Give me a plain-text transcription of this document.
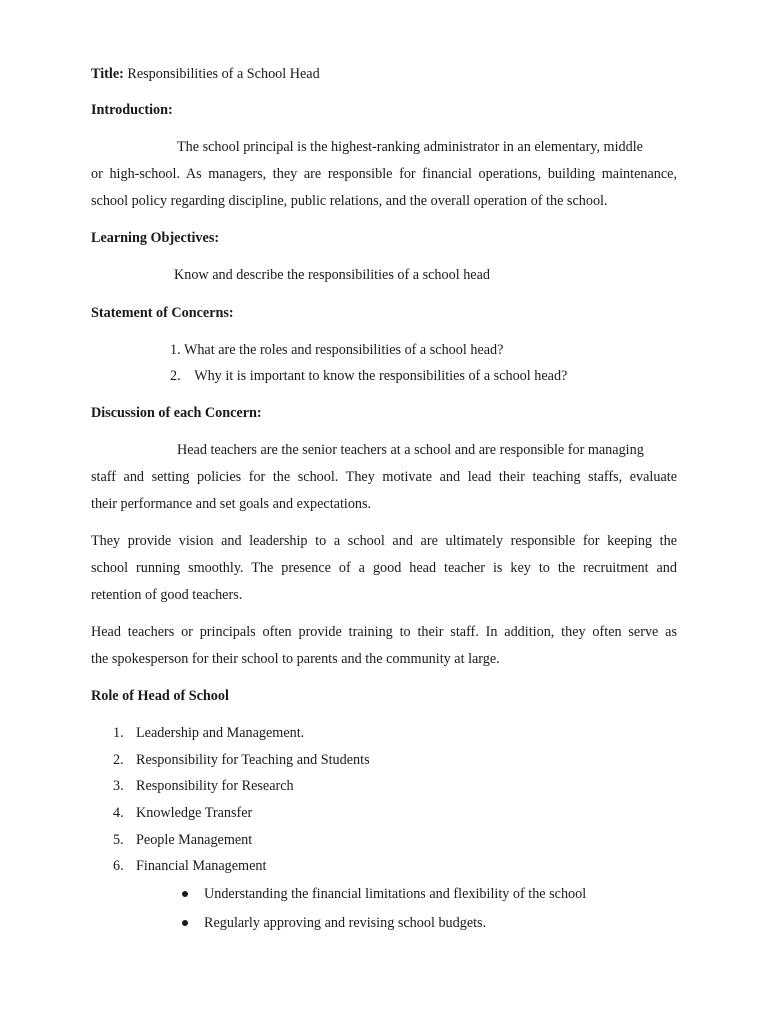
Title: Responsibilities of a School Head
Introduction:
The school principal is the highest-ranking administrator in an elementary, middle
or high-school. As managers, they are responsible for financial operations, building maintenance,
school policy regarding discipline, public relations, and the overall operation of the school.
Learning Objectives:
Know and describe the responsibilities of a school head
Statement of Concerns:
1. What are the roles and responsibilities of a school head?
2. Why it is important to know the responsibilities of a school head?
Discussion of each Concern:
Head teachers are the senior teachers at a school and are responsible for managing
staff and setting policies for the school. They motivate and lead their teaching staffs, evaluate
their performance and set goals and expectations.
They provide vision and leadership to a school and are ultimately responsible for keeping the
school running smoothly. The presence of a good head teacher is key to the recruitment and
retention of good teachers.
Head teachers or principals often provide training to their staff. In addition, they often serve as
the spokesperson for their school to parents and the community at large.
Role of Head of School
1. Leadership and Management.
2. Responsibility for Teaching and Students
3. Responsibility for Research
4. Knowledge Transfer
5. People Management
6. Financial Management
Understanding the financial limitations and flexibility of the school
Regularly approving and revising school budgets.
